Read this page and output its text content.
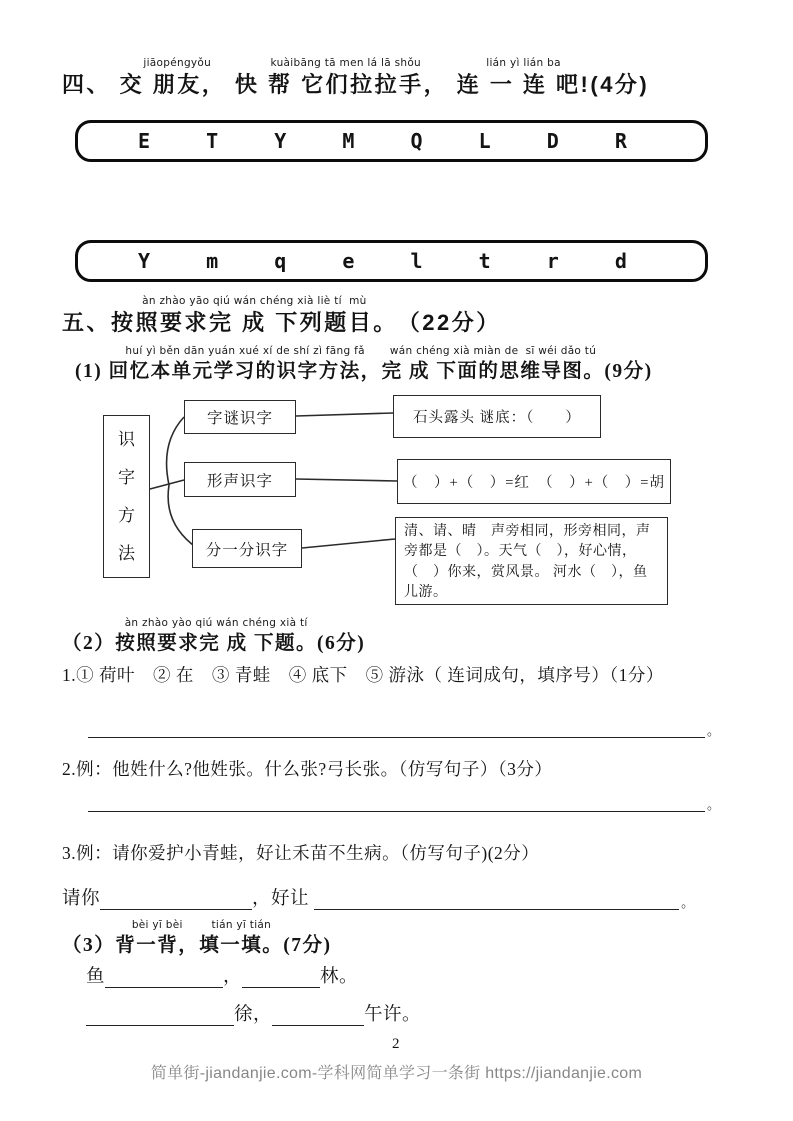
四、
jiāopéngyǒu
交 朋友，
kuàibāng tā men lá lā shǒu
快 帮 它们拉拉手，
lián yì lián ba
连 一 连 吧! (4分)
E	T	Y	M	Q	L	D	R
Y	m	q	e	l	t	r	d
五、
àn zhào yāo qiú wán chéng xià liè tí  mù
按照要求完 成 下列题目。 （22分）
(1)
huí yì běn dān yuán xué xí de shí zì fāng fǎ
回忆本单元学习的识字方法，
wán chéng xià miàn de  sī wéi dǎo tú
完 成 下面的思维导图。 (9分)
识字方法
字谜识字
形声识字
分一分识字
石头露头 谜底：（　　）
（　）+（　）=红　（　）+（　）=胡
清、请、晴　声旁相同，形旁相同，声旁都是（　）。天气（　），好心情，（　）你来，赏风景。 河水（　），鱼儿游。
（2）
àn zhào yào qiú wán chéng xià tí
按照要求完 成 下题。 (6分)
1.① 荷叶　② 在　③ 青蛙　④ 底下　⑤ 游泳（ 连词成句，填序号）（1分）
。
2.例：他姓什么?他姓张。什么张?弓长张。（仿写句子）（3分）
。
3.例：请你爱护小青蛙，好让禾苗不生病。（仿写句子)(2分）
请你	，好让	。
（3）
bèi yī bèi
背一背，
tián yī tián
填一填。 (7分)
鱼	，	林。
徐，	午许。
2
简单街-jiandanjie.com-学科网简单学习一条街 https://jiandanjie.com
